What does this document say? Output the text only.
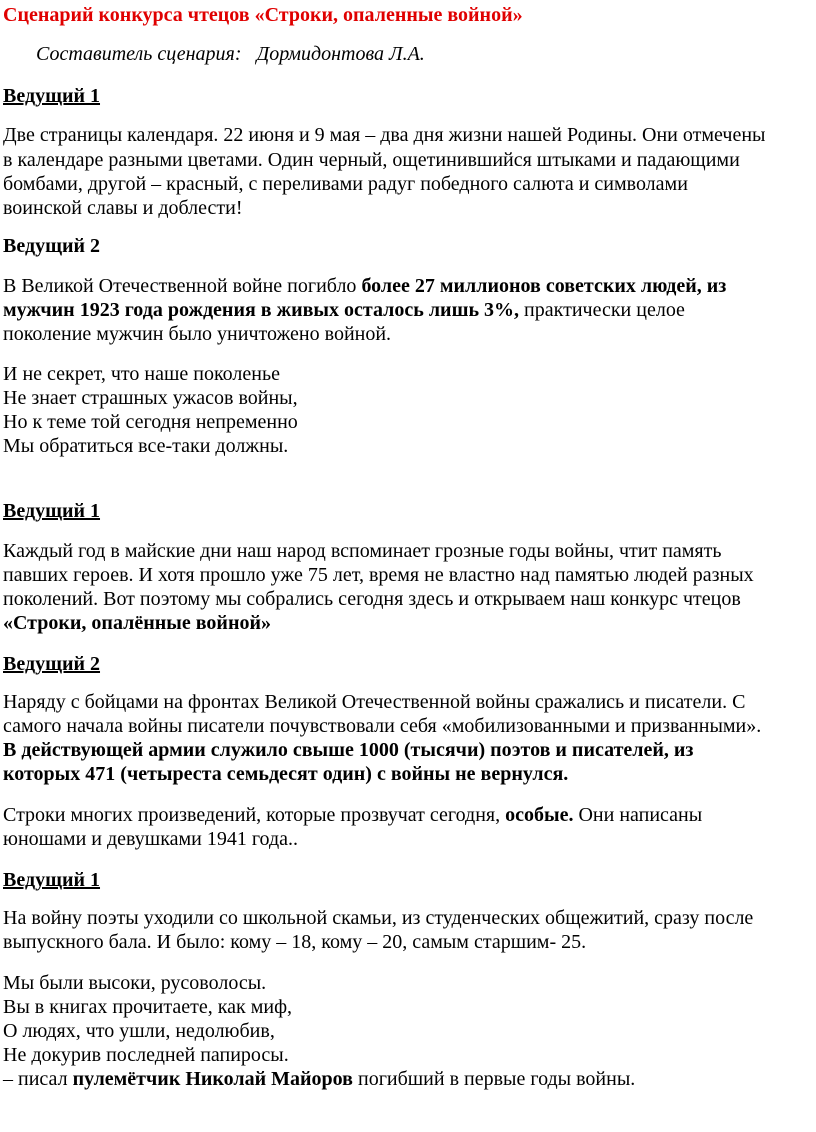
Сценарий конкурса чтецов «Строки, опаленные войной»
Составитель сценария: Дормидонтова Л.А.
Ведущий 1
Две страницы календаря. 22 июня и 9 мая – два дня жизни нашей Родины. Они отмечены
в календаре разными цветами. Один черный, ощетинившийся штыками и падающими
бомбами, другой – красный, с переливами радуг победного салюта и символами
воинской славы и доблести!
Ведущий 2
В Великой Отечественной войне погибло более 27 миллионов советских людей, из
мужчин 1923 года рождения в живых осталось лишь 3%, практически целое
поколение мужчин было уничтожено войной.
И не секрет, что наше поколенье
Не знает страшных ужасов войны,
Но к теме той сегодня непременно
Мы обратиться все-таки должны.
Ведущий 1
Каждый год в майские дни наш народ вспоминает грозные годы войны, чтит память
павших героев. И хотя прошло уже 75 лет, время не властно над памятью людей разных
поколений. Вот поэтому мы собрались сегодня здесь и открываем наш конкурс чтецов
«Строки, опалённые войной»
Ведущий 2
Наряду с бойцами на фронтах Великой Отечественной войны сражались и писатели. С
самого начала войны писатели почувствовали себя «мобилизованными и призванными».
В действующей армии служило свыше 1000 (тысячи) поэтов и писателей, из
которых 471 (четыреста семьдесят один) с войны не вернулся.
Строки многих произведений, которые прозвучат сегодня, особые. Они написаны
юношами и девушками 1941 года..
Ведущий 1
На войну поэты уходили со школьной скамьи, из студенческих общежитий, сразу после
выпускного бала. И было: кому – 18, кому – 20, самым старшим- 25.
Мы были высоки, русоволосы.
Вы в книгах прочитаете, как миф,
О людях, что ушли, недолюбив,
Не докурив последней папиросы.
– писал пулемётчик Николай Майоров погибший в первые годы войны.
